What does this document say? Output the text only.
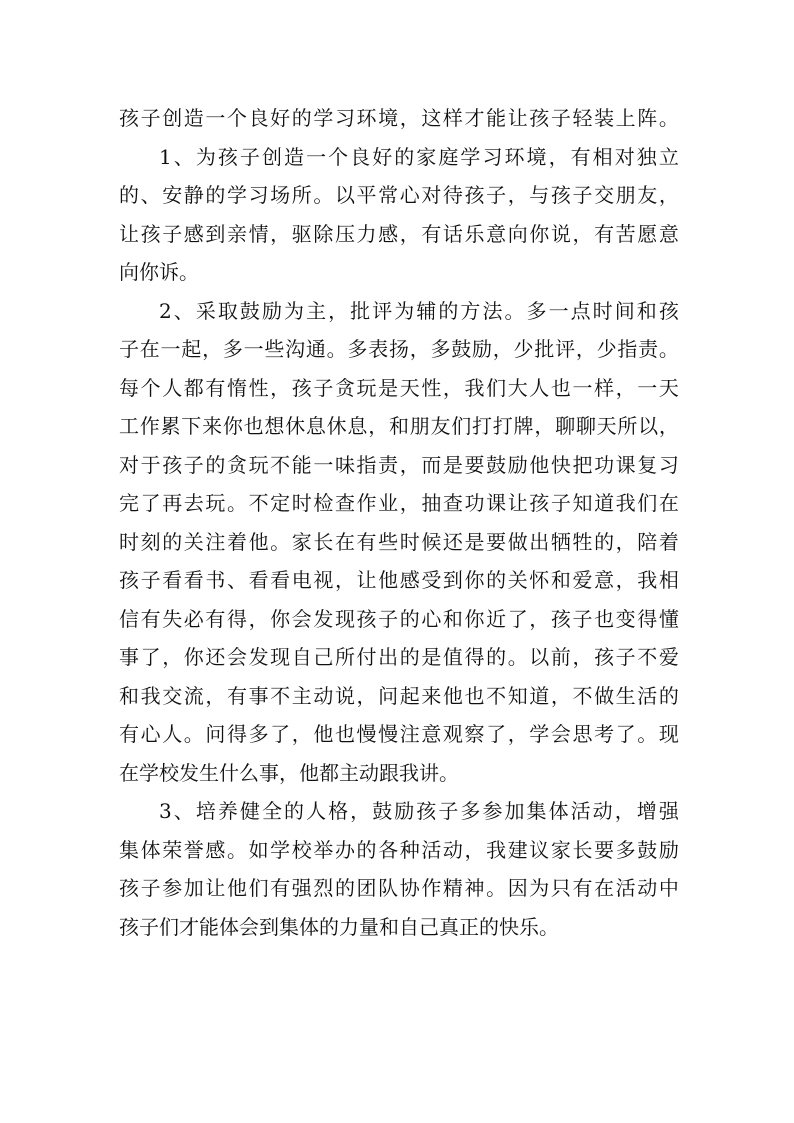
孩 子 创 造 一 个 良 好 的 学 习 环 境 ， 这 样 才 能 让 孩 子 轻 装 上 阵 。
1 、 为 孩 子 创 造 一 个 良 好 的 家 庭 学 习 环 境 ， 有 相 对 独 立
的 、 安 静 的 学 习 场 所 。 以 平 常 心 对 待 孩 子 ， 与 孩 子 交 朋 友 ，
让 孩 子 感 到 亲 情 ， 驱 除 压 力 感 ， 有 话 乐 意 向 你 说 ， 有 苦 愿 意
向你诉。
2 、 采 取 鼓 励 为 主 ， 批 评 为 辅 的 方 法 。 多 一 点 时 间 和 孩
子 在 一 起 ， 多 一 些 沟 通 。 多 表 扬 ， 多 鼓 励 ， 少 批 评 ， 少 指 责 。
每 个 人 都 有 惰 性 ， 孩 子 贪 玩 是 天 性 ， 我 们 大 人 也 一 样 ， 一 天
工 作 累 下 来 你 也 想 休 息 休 息 ， 和 朋 友 们 打 打 牌 ， 聊 聊 天 所 以 ，
对 于 孩 子 的 贪 玩 不 能 一 味 指 责 ， 而 是 要 鼓 励 他 快 把 功 课 复 习
完 了 再 去 玩 。 不 定 时 检 查 作 业 ， 抽 查 功 课 让 孩 子 知 道 我 们 在
时 刻 的 关 注 着 他 。 家 长 在 有 些 时 候 还 是 要 做 出 牺 牲 的 ， 陪 着
孩 子 看 看 书 、 看 看 电 视 ， 让 他 感 受 到 你 的 关 怀 和 爱 意 ， 我 相
信 有 失 必 有 得 ， 你 会 发 现 孩 子 的 心 和 你 近 了 ， 孩 子 也 变 得 懂
事 了 ， 你 还 会 发 现 自 己 所 付 出 的 是 值 得 的 。 以 前 ， 孩 子 不 爱
和 我 交 流 ， 有 事 不 主 动 说 ， 问 起 来 他 也 不 知 道 ， 不 做 生 活 的
有 心 人 。 问 得 多 了 ， 他 也 慢 慢 注 意 观 察 了 ， 学 会 思 考 了 。 现
在学校发生什么事，他都主动跟我讲。
3 、 培 养 健 全 的 人 格 ， 鼓 励 孩 子 多 参 加 集 体 活 动 ， 增 强
集 体 荣 誉 感 。 如 学 校 举 办 的 各 种 活 动 ， 我 建 议 家 长 要 多 鼓 励
孩 子 参 加 让 他 们 有 强 烈 的 团 队 协 作 精 神 。 因 为 只 有 在 活 动 中
孩子们才能体会到集体的力量和自己真正的快乐。
